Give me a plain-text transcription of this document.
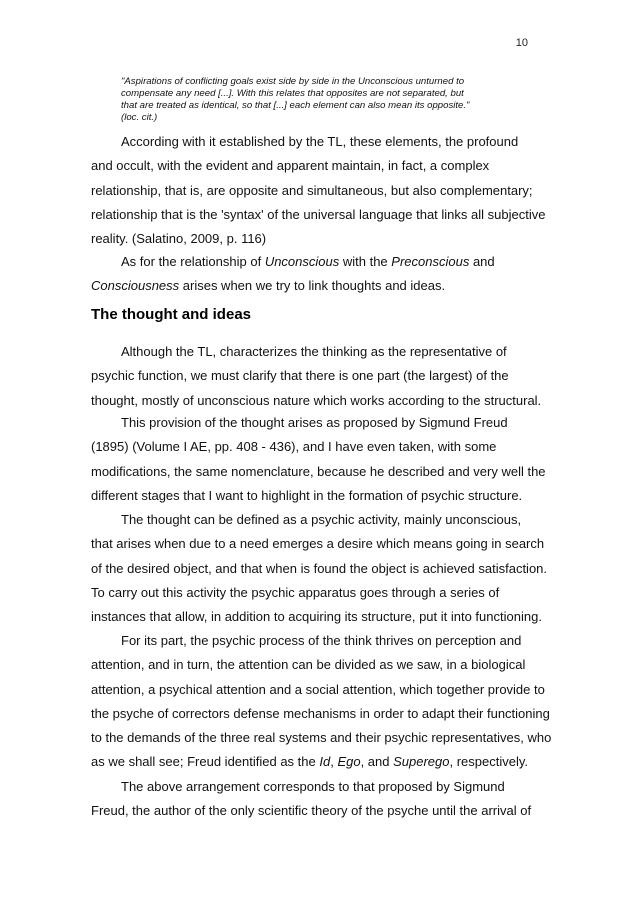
10
"Aspirations of conflicting goals exist side by side in the Unconscious unturned to
compensate any need [...]. With this relates that opposites are not separated, but
that are treated as identical, so that [...] each element can also mean its opposite."
(loc. cit.)
According with it established by the TL, these elements, the profound
and occult, with the evident and apparent maintain, in fact, a complex
relationship, that is, are opposite and simultaneous, but also complementary;
relationship that is the 'syntax' of the universal language that links all subjective
reality. (Salatino, 2009, p. 116)
As for the relationship of Unconscious with the Preconscious and
Consciousness arises when we try to link thoughts and ideas.
The thought and ideas
Although the TL, characterizes the thinking as the representative of
psychic function, we must clarify that there is one part (the largest) of the
thought, mostly of unconscious nature which works according to the structural.
This provision of the thought arises as proposed by Sigmund Freud
(1895) (Volume I AE, pp. 408 - 436), and I have even taken, with some
modifications, the same nomenclature, because he described and very well the
different stages that I want to highlight in the formation of psychic structure.
The thought can be defined as a psychic activity, mainly unconscious,
that arises when due to a need emerges a desire which means going in search
of the desired object, and that when is found the object is achieved satisfaction.
To carry out this activity the psychic apparatus goes through a series of
instances that allow, in addition to acquiring its structure, put it into functioning.
For its part, the psychic process of the think thrives on perception and
attention, and in turn, the attention can be divided as we saw, in a biological
attention, a psychical attention and a social attention, which together provide to
the psyche of correctors defense mechanisms in order to adapt their functioning
to the demands of the three real systems and their psychic representatives, who
as we shall see; Freud identified as the Id, Ego, and Superego, respectively.
The above arrangement corresponds to that proposed by Sigmund
Freud, the author of the only scientific theory of the psyche until the arrival of
